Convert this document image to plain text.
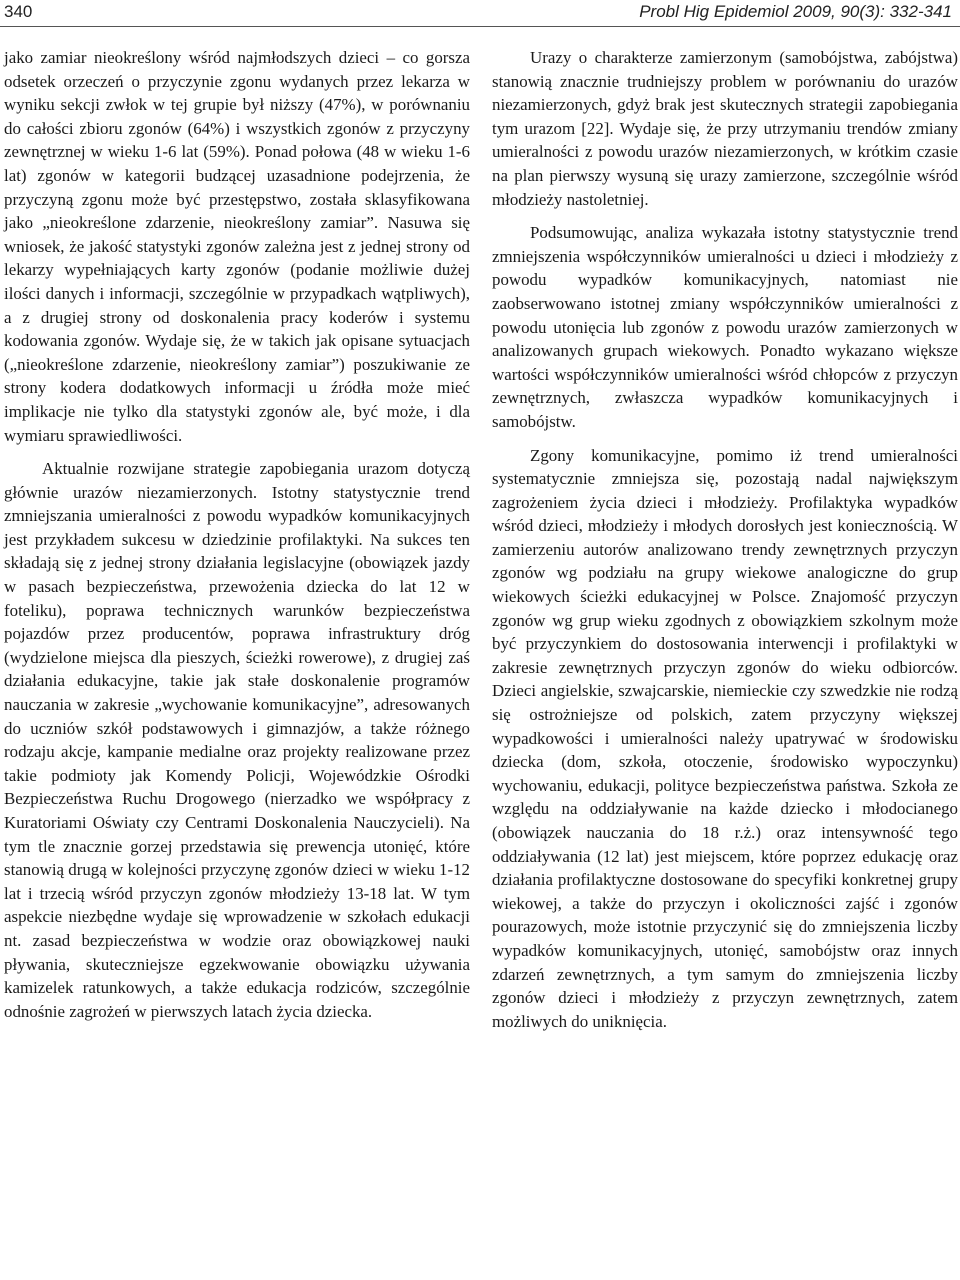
340	Probl Hig Epidemiol 2009, 90(3): 332-341

jako zamiar nieokreślony wśród najmłodszych dzieci – co gorsza odsetek orzeczeń o przyczynie zgonu wydanych przez lekarza w wyniku sekcji zwłok w tej grupie był niższy (47%), w porównaniu do całości zbioru zgonów (64%) i wszystkich zgonów z przyczyny zewnętrznej w wieku 1-6 lat (59%). Ponad połowa (48 w wieku 1-6 lat) zgonów w kategorii budzącej uzasadnione podejrzenia, że przyczyną zgonu może być przestępstwo, została sklasyfikowana jako „nieokreślone zdarzenie, nieokreślony zamiar”. Nasuwa się wniosek, że jakość statystyki zgonów zależna jest z jednej strony od lekarzy wypełniających karty zgonów (podanie możliwie dużej ilości danych i informacji, szczególnie w przypadkach wątpliwych), a z drugiej strony od doskonalenia pracy koderów i systemu kodowania zgonów. Wydaje się, że w takich jak opisane sytuacjach („nieokreślone zdarzenie, nieokreślony zamiar”) poszukiwanie ze strony kodera dodatkowych informacji u źródła może mieć implikacje nie tylko dla statystyki zgonów ale, być może, i dla wymiaru sprawiedliwości.

Aktualnie rozwijane strategie zapobiegania urazom dotyczą głównie urazów niezamierzonych. Istotny statystycznie trend zmniejszania umieralności z powodu wypadków komunikacyjnych jest przykładem sukcesu w dziedzinie profilaktyki. Na sukces ten składają się z jednej strony działania legislacyjne (obowiązek jazdy w pasach bezpieczeństwa, przewożenia dziecka do lat 12 w foteliku), poprawa technicznych warunków bezpieczeństwa pojazdów przez producentów, poprawa infrastruktury dróg (wydzielone miejsca dla pieszych, ścieżki rowerowe), z drugiej zaś działania edukacyjne, takie jak stałe doskonalenie programów nauczania w zakresie „wychowanie komunikacyjne”, adresowanych do uczniów szkół podstawowych i gimnazjów, a także różnego rodzaju akcje, kampanie medialne oraz projekty realizowane przez takie podmioty jak Komendy Policji, Wojewódzkie Ośrodki Bezpieczeństwa Ruchu Drogowego (nierzadko we współpracy z Kuratoriami Oświaty czy Centrami Doskonalenia Nauczycieli). Na tym tle znacznie gorzej przedstawia się prewencja utonięć, które stanowią drugą w kolejności przyczynę zgonów dzieci w wieku 1-12 lat i trzecią wśród przyczyn zgonów młodzieży 13-18 lat. W tym aspekcie niezbędne wydaje się wprowadzenie w szkołach edukacji nt. zasad bezpieczeństwa w wodzie oraz obowiązkowej nauki pływania, skuteczniejsze egzekwowanie obowiązku używania kamizelek ratunkowych, a także edukacja rodziców, szczególnie odnośnie zagrożeń w pierwszych latach życia dziecka.

Urazy o charakterze zamierzonym (samobójstwa, zabójstwa) stanowią znacznie trudniejszy problem w porównaniu do urazów niezamierzonych, gdyż brak jest skutecznych strategii zapobiegania tym urazom [22]. Wydaje się, że przy utrzymaniu trendów zmiany umieralności z powodu urazów niezamierzonych, w krótkim czasie na plan pierwszy wysuną się urazy zamierzone, szczególnie wśród młodzieży nastoletniej.

Podsumowując, analiza wykazała istotny statystycznie trend zmniejszenia współczynników umieralności u dzieci i młodzieży z powodu wypadków komunikacyjnych, natomiast nie zaobserwowano istotnej zmiany współczynników umieralności z powodu utonięcia lub zgonów z powodu urazów zamierzonych w analizowanych grupach wiekowych. Ponadto wykazano większe wartości współczynników umieralności wśród chłopców z przyczyn zewnętrznych, zwłaszcza wypadków komunikacyjnych i samobójstw.

Zgony komunikacyjne, pomimo iż trend umieralności systematycznie zmniejsza się, pozostają nadal największym zagrożeniem życia dzieci i młodzieży. Profilaktyka wypadków wśród dzieci, młodzieży i młodych dorosłych jest koniecznością. W zamierzeniu autorów analizowano trendy zewnętrznych przyczyn zgonów wg podziału na grupy wiekowe analogiczne do grup wiekowych ścieżki edukacyjnej w Polsce. Znajomość przyczyn zgonów wg grup wieku zgodnych z obowiązkiem szkolnym może być przyczynkiem do dostosowania interwencji i profilaktyki w zakresie zewnętrznych przyczyn zgonów do wieku odbiorców. Dzieci angielskie, szwajcarskie, niemieckie czy szwedzkie nie rodzą się ostrożniejsze od polskich, zatem przyczyny większej wypadkowości i umieralności należy upatrywać w środowisku dziecka (dom, szkoła, otoczenie, środowisko wypoczynku) wychowaniu, edukacji, polityce bezpieczeństwa państwa. Szkoła ze względu na oddziaływanie na każde dziecko i młodocianego (obowiązek nauczania do 18 r.ż.) oraz intensywność tego oddziaływania (12 lat) jest miejscem, które poprzez edukację oraz działania profilaktyczne dostosowane do specyfiki konkretnej grupy wiekowej, a także do przyczyn i okoliczności zajść i zgonów pourazowych, może istotnie przyczynić się do zmniejszenia liczby wypadków komunikacyjnych, utonięć, samobójstw oraz innych zdarzeń zewnętrznych, a tym samym do zmniejszenia liczby zgonów dzieci i młodzieży z przyczyn zewnętrznych, zatem możliwych do uniknięcia.
